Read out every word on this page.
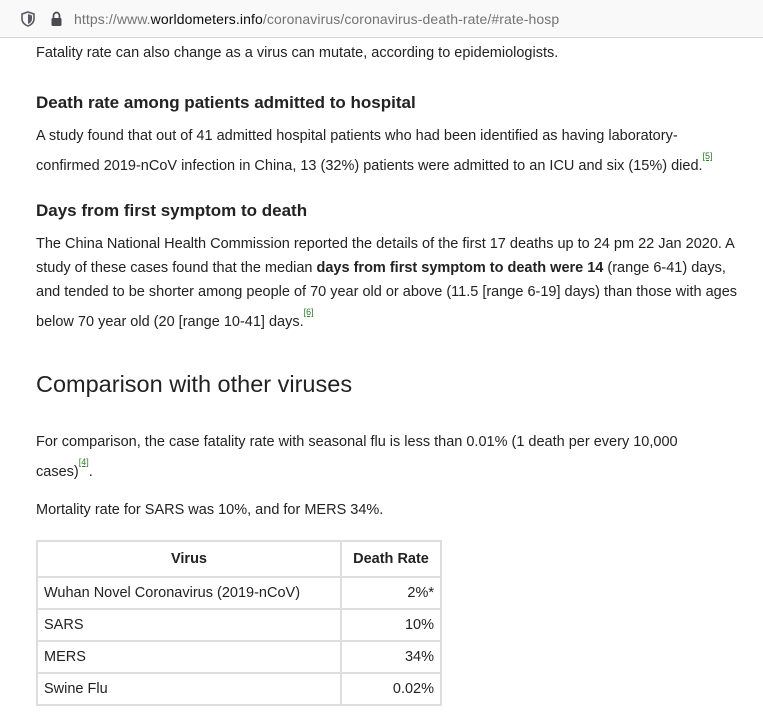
https://www.worldometers.info/coronavirus/coronavirus-death-rate/#rate-hosp

Fatality rate can also change as a virus can mutate, according to epidemiologists.

Death rate among patients admitted to hospital

A study found that out of 41 admitted hospital patients who had been identified as having laboratory-

confirmed 2019-nCoV infection in China, 13 (32%) patients were admitted to an ICU and six (15%) died.[5]

Days from first symptom to death

The China National Health Commission reported the details of the first 17 deaths up to 24 pm 22 Jan 2020. A

study of these cases found that the median days from first symptom to death were 14 (range 6-41) days,

and tended to be shorter among people of 70 year old or above (11.5 [range 6-19] days) than those with ages

below 70 year old (20 [range 10-41] days.[6]

Comparison with other viruses

For comparison, the case fatality rate with seasonal flu is less than 0.01% (1 death per every 10,000

cases)[4].

Mortality rate for SARS was 10%, and for MERS 34%.

Virus	Death Rate
Wuhan Novel Coronavirus (2019-nCoV)	2%*
SARS	10%
MERS	34%
Swine Flu	0.02%
